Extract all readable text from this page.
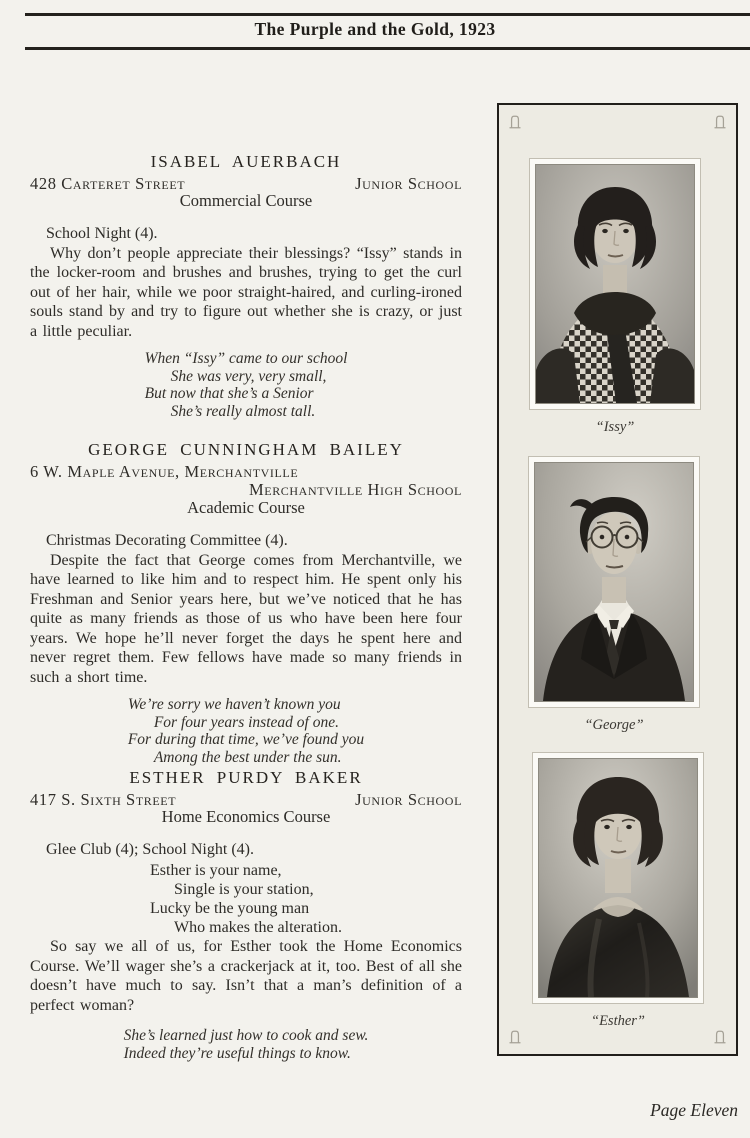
The Purple and the Gold, 1923
ISABEL AUERBACH
428 Carteret Street	Junior School
Commercial Course
School Night (4).

Why don’t people appreciate their blessings? “Issy” stands in the locker-room and brushes and brushes, trying to get the curl out of her hair, while we poor straight-haired, and curling-ironed souls stand by and try to figure out whether she is crazy, or just a little peculiar.

When “Issy” came to our school
She was very, very small,
But now that she’s a Senior
She’s really almost tall.
GEORGE CUNNINGHAM BAILEY
6 W. Maple Avenue, Merchantville
Merchantville High School
Academic Course
Christmas Decorating Committee (4).

Despite the fact that George comes from Merchantville, we have learned to like him and to respect him. He spent only his Freshman and Senior years here, but we’ve noticed that he has quite as many friends as those of us who have been here four years. We hope he’ll never forget the days he spent here and never regret them. Few fellows have made so many friends in such a short time.

We’re sorry we haven’t known you
For four years instead of one.
For during that time, we’ve found you
Among the best under the sun.
ESTHER PURDY BAKER
417 S. Sixth Street	Junior School
Home Economics Course
Glee Club (4); School Night (4).
Esther is your name,
Single is your station,
Lucky be the young man
Who makes the alteration.

So say we all of us, for Esther took the Home Economics Course. We’ll wager she’s a crackerjack at it, too. Best of all she doesn’t have much to say. Isn’t that a man’s definition of a perfect woman?

She’s learned just how to cook and sew.
Indeed they’re useful things to know.
“Issy”
“George”
“Esther”
Page Eleven
